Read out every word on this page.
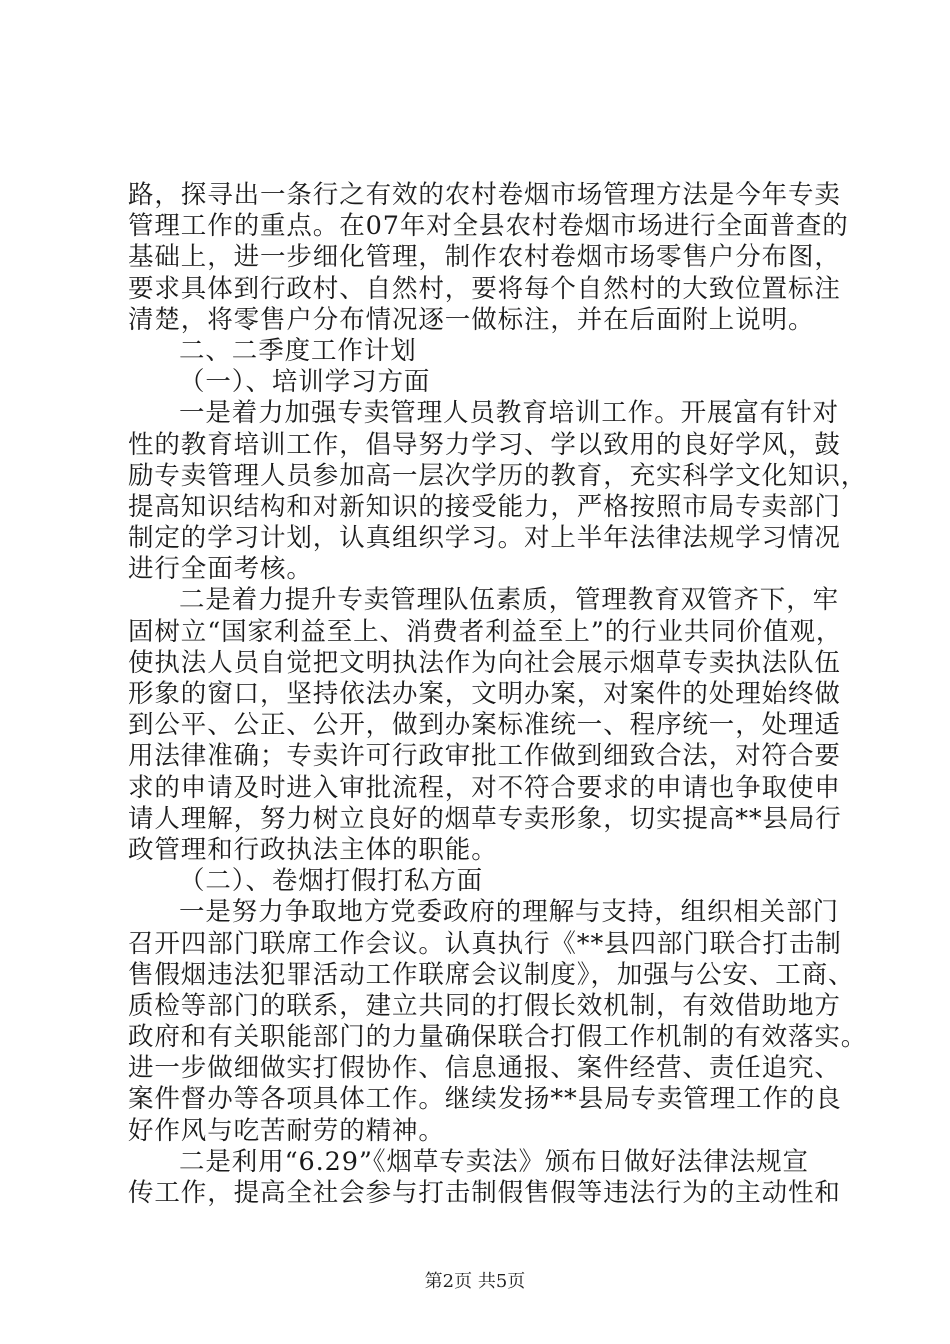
路，探寻出一条行之有效的农村卷烟市场管理方法是今年专卖
管理工作的重点。在07年对全县农村卷烟市场进行全面普查的
基础上，进一步细化管理，制作农村卷烟市场零售户分布图，
要求具体到行政村、自然村，要将每个自然村的大致位置标注
清楚，将零售户分布情况逐一做标注，并在后面附上说明。
二、二季度工作计划
（一）、培训学习方面
一是着力加强专卖管理人员教育培训工作。开展富有针对
性的教育培训工作，倡导努力学习、学以致用的良好学风，鼓
励专卖管理人员参加高一层次学历的教育，充实科学文化知识，
提高知识结构和对新知识的接受能力，严格按照市局专卖部门
制定的学习计划，认真组织学习。对上半年法律法规学习情况
进行全面考核。
二是着力提升专卖管理队伍素质，管理教育双管齐下，牢
固树立“国家利益至上、消费者利益至上”的行业共同价值观，
使执法人员自觉把文明执法作为向社会展示烟草专卖执法队伍
形象的窗口，坚持依法办案，文明办案，对案件的处理始终做
到公平、公正、公开，做到办案标准统一、程序统一，处理适
用法律准确；专卖许可行政审批工作做到细致合法，对符合要
求的申请及时进入审批流程，对不符合要求的申请也争取使申
请人理解，努力树立良好的烟草专卖形象，切实提高**县局行
政管理和行政执法主体的职能。
（二）、卷烟打假打私方面
一是努力争取地方党委政府的理解与支持，组织相关部门
召开四部门联席工作会议。认真执行《**县四部门联合打击制
售假烟违法犯罪活动工作联席会议制度》，加强与公安、工商、
质检等部门的联系，建立共同的打假长效机制，有效借助地方
政府和有关职能部门的力量确保联合打假工作机制的有效落实。
进一步做细做实打假协作、信息通报、案件经营、责任追究、
案件督办等各项具体工作。继续发扬**县局专卖管理工作的良
好作风与吃苦耐劳的精神。
二是利用“6.29”《烟草专卖法》颁布日做好法律法规宣
传工作，提高全社会参与打击制假售假等违法行为的主动性和
第2页 共5页
